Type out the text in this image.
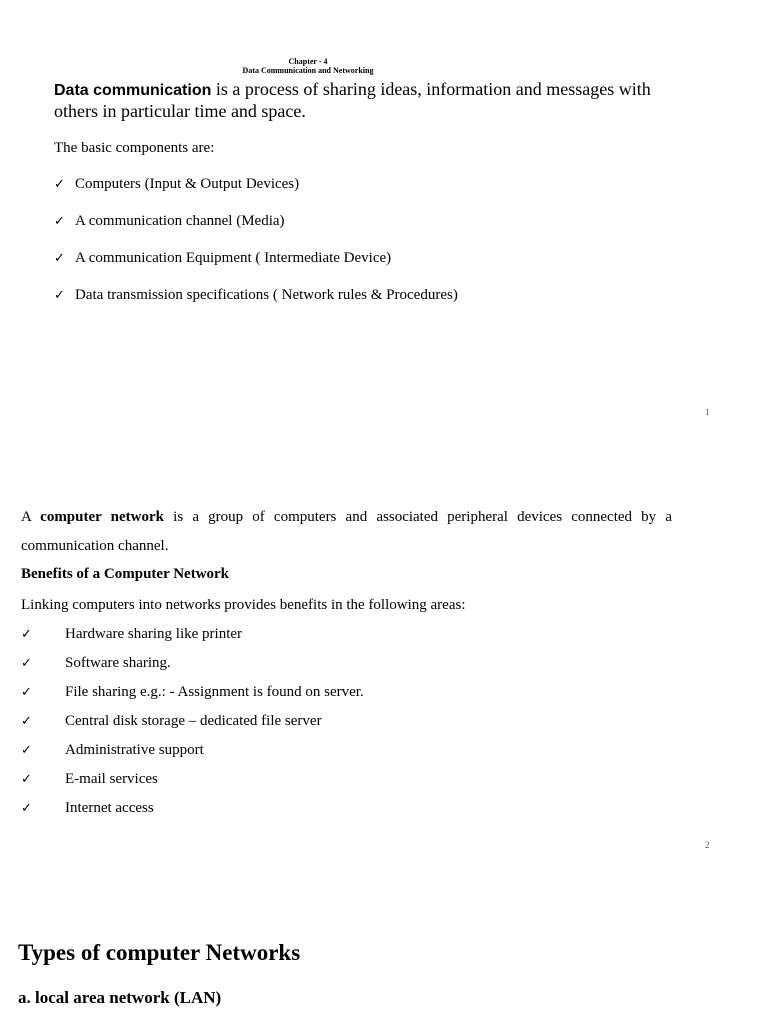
Chapter - 4
Data Communication and Networking
Data communication is a process of sharing ideas, information and messages with others in particular time and space.
The basic components are:
✓ Computers (Input & Output Devices)
✓ A communication channel (Media)
✓ A communication Equipment ( Intermediate Device)
✓ Data transmission specifications ( Network rules & Procedures)
1
A computer network is a group of computers and associated peripheral devices connected by a communication channel.
Benefits of a Computer Network
Linking computers into networks provides benefits in the following areas:
✓ Hardware sharing like printer
✓ Software sharing.
✓ File sharing e.g.: - Assignment is found on server.
✓ Central disk storage – dedicated file server
✓ Administrative support
✓ E-mail services
✓ Internet access
2
Types of computer Networks
a. local area network (LAN)
